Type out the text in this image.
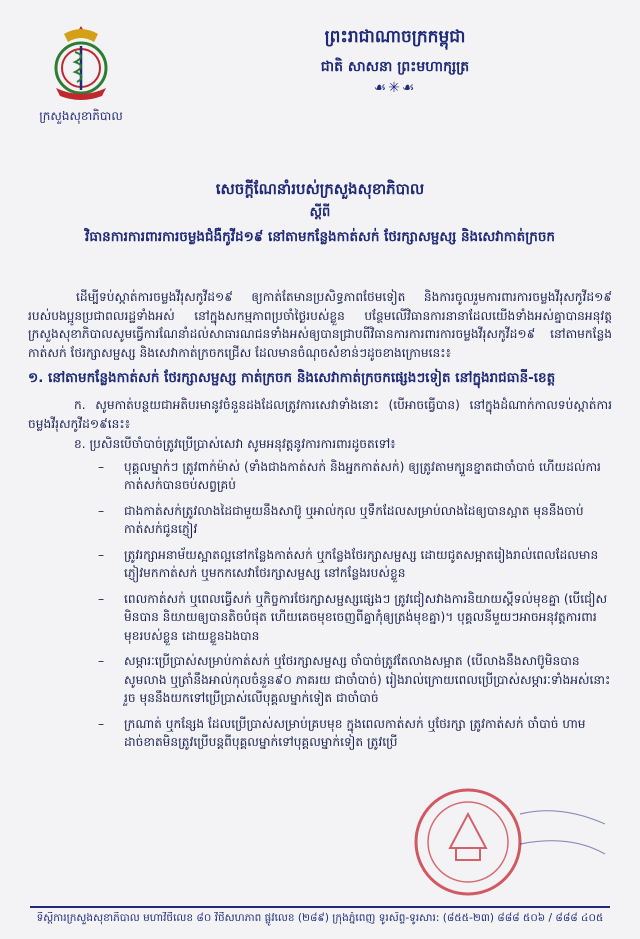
ក្រសួងសុខាភិបាល
ព្រះរាជាណាចក្រកម្ពុជា
ជាតិ សាសនា ព្រះមហាក្សត្រ
☙✳☙
សេចក្ដីណែនាំរបស់ក្រសួងសុខាភិបាល
ស្ដីពី
វិធានការការពារការចម្លងជំងឺកូវីដ១៩ នៅតាមកន្លែងកាត់សក់ ថែរក្សាសម្ផស្ស និងសេវាកាត់ក្រចក

ដើម្បីទប់ស្កាត់ការចម្លងវីរុសកូវីដ១៩ ឲ្យកាត់តែមានប្រសិទ្ធភាពថែមទៀត និងការចូលរួមការពារការចម្លងវីរុសកូវីដ១៩ របស់បងប្អូនប្រជាពលរដ្ឋទាំងអស់ នៅក្នុងសកម្មភាពប្រចាំថ្ងៃរបស់ខ្លួន បន្ថែមលើវិធានការនានាដែលយើងទាំងអស់គ្នាបានអនុវត្ត ក្រសួងសុខាភិបាលសូមធ្វើការណែនាំដល់សាធារណជនទាំងអស់ឲ្យបានជ្រាបពីវិធានការការពារការចម្លងវីរុសកូវីដ១៩ នៅតាមកន្លែងកាត់សក់ ថែរក្សាសម្ផស្ស និងសេវាកាត់ក្រចកជ្រើស ដែលមានចំណុចសំខាន់ៗដូចខាងក្រោមនេះ៖

១. នៅតាមកន្លែងកាត់សក់ ថែរក្សាសម្ផស្ស កាត់ក្រចក និងសេវាកាត់ក្រចកផ្សេងៗទៀត នៅក្នុងរាជធានី-ខេត្ត

ក. សូមកាត់បន្ថយជាអតិបរមានូវចំនួនដងដែលត្រូវការសេវាទាំងនោះ (បើអាចធ្វើបាន) នៅក្នុងដំណាក់កាលទប់ស្កាត់ការចម្លងវីរុសកូវីដ១៩នេះ៖

ខ. ប្រសិនបើចាំបាច់ត្រូវប្រើប្រាស់សេវា សូមអនុវត្តនូវការការពារដូចតទៅ៖

– បុគ្គលម្នាក់ៗ ត្រូវពាក់ម៉ាស់ (ទាំងជាងកាត់សក់ និងអ្នកកាត់សក់) ឲ្យត្រូវតាមក្បួនខ្នាតជាចាំបាច់ ហើយដល់ការកាត់សក់បានចប់សព្វគ្រប់
– ជាងកាត់សក់ត្រូវលាងដៃជាមួយនឹងសាប៊ូ ឬអាល់កុល ឬទឹកដែលសម្រាប់លាងដៃឲ្យបានស្អាត មុននឹងចាប់កាត់សក់ជូនភ្ញៀវ
– ត្រូវរក្សាអនាម័យស្អាតល្អនៅកន្លែងកាត់សក់ ឬកន្លែងថែរក្សាសម្ផស្ស ដោយជូតសម្អាតរៀងរាល់ពេលដែលមានភ្ញៀវមកកាត់សក់ ឬមកកសេវាថែរក្សាសម្ផស្ស នៅកន្លែងរបស់ខ្លួន
– ពេលកាត់សក់ ឬពេលធ្វើសក់ ឬកិច្ចការថែរក្សាសម្ផស្សផ្សេងៗ ត្រូវជៀសវាងការនិយាយស្ដីទល់មុខគ្នា (បើជៀសមិនបាន និយាយឲ្យបានតិចបំផុត ហើយគេចមុខចេញពីគ្នាកុំឲ្យត្រង់មុខគ្នា)។ បុគ្គលនីមួយៗអាចអនុវត្តការពារមុខរបស់ខ្លួន ដោយខ្លួនឯងបាន
– សម្ភារៈប្រើប្រាស់សម្រាប់កាត់សក់ ឬថែរក្សាសម្ផស្ស ចាំបាច់ត្រូវតែលាងសម្អាត (បើលាងនឹងសាប៊ូមិនបាន សូមលាង ឬត្រាំនឹងអាល់កុលចំនួន៩០ ភាគរយ ជាចាំបាច់) រៀងរាល់ក្រោយពេលប្រើប្រាស់សម្ភារៈទាំងអស់នោះរួច មុននឹងយកទៅប្រើប្រាស់លើបុគ្គលម្នាក់ទៀត ជាចាំបាច់
– ក្រណាត់ ឬកន្សែង ដែលប្រើប្រាស់សម្រាប់គ្របមុខ ក្នុងពេលកាត់សក់ ឬថែរក្សា ត្រូវកាត់សក់ ចាំបាច់ ហាមដាច់ខាតមិនត្រូវប្រើបន្តពីបុគ្គលម្នាក់ទៅបុគ្គលម្នាក់ទៀត ត្រូវប្រើ
ទីស្តីការក្រសួងសុខាភិបាល មហាវិថីលេខ ៨០ វិថីសហភាព ផ្លូវលេខ (២៨៩) ក្រុងភ្នំពេញ ទូរស័ព្ទ-ទូរសារ: (៨៥៥-២៣) ៨៨៨ ៥០៦ / ៨៨៨ ៤០៥
